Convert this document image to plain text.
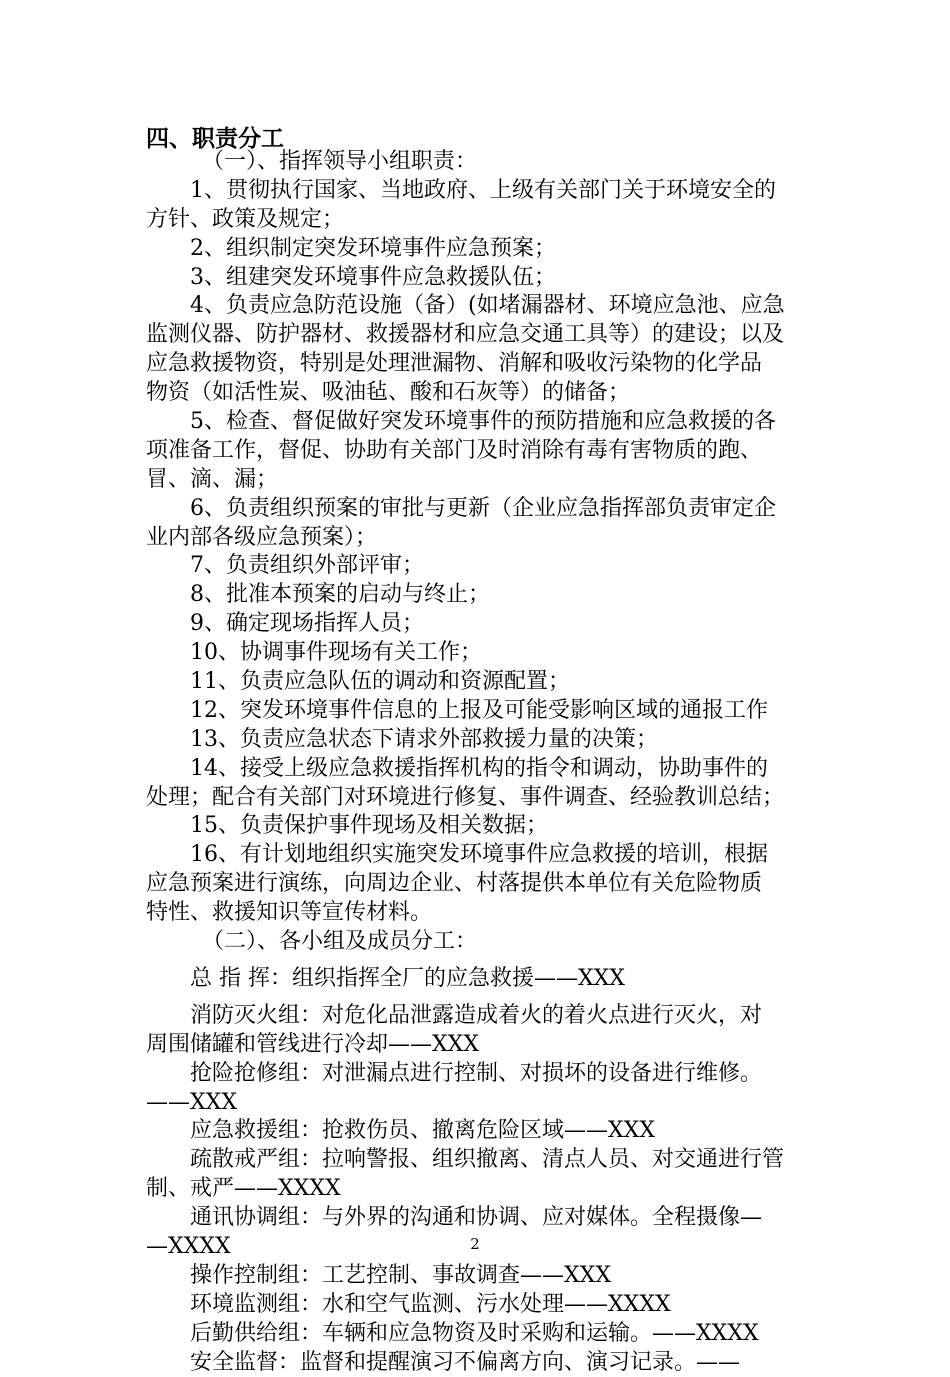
四、职责分工
（一）、指挥领导小组职责：
1、贯彻执行国家、当地政府、上级有关部门关于环境安全的
方针、政策及规定；
2、组织制定突发环境事件应急预案；
3、组建突发环境事件应急救援队伍；
4、负责应急防范设施（备）(如堵漏器材、环境应急池、应急
监测仪器、防护器材、救援器材和应急交通工具等）的建设；以及
应急救援物资，特别是处理泄漏物、消解和吸收污染物的化学品
物资（如活性炭、吸油毡、酸和石灰等）的储备；
5、检查、督促做好突发环境事件的预防措施和应急救援的各
项准备工作，督促、协助有关部门及时消除有毒有害物质的跑、
冒、滴、漏；
6、负责组织预案的审批与更新（企业应急指挥部负责审定企
业内部各级应急预案）；
7、负责组织外部评审；
8、批准本预案的启动与终止；
9、确定现场指挥人员；
10、协调事件现场有关工作；
11、负责应急队伍的调动和资源配置；
12、突发环境事件信息的上报及可能受影响区域的通报工作
13、负责应急状态下请求外部救援力量的决策；
14、接受上级应急救援指挥机构的指令和调动，协助事件的
处理；配合有关部门对环境进行修复、事件调查、经验教训总结；
15、负责保护事件现场及相关数据；
16、有计划地组织实施突发环境事件应急救援的培训，根据
应急预案进行演练，向周边企业、村落提供本单位有关危险物质
特性、救援知识等宣传材料。
（二）、各小组及成员分工：
总 指 挥：组织指挥全厂的应急救援——XXX
消防灭火组：对危化品泄露造成着火的着火点进行灭火，对
周围储罐和管线进行冷却——XXX
抢险抢修组：对泄漏点进行控制、对损坏的设备进行维修。
——XXX
应急救援组：抢救伤员、撤离危险区域——XXX
疏散戒严组：拉响警报、组织撤离、清点人员、对交通进行管
制、戒严——XXXX
通讯协调组：与外界的沟通和协调、应对媒体。全程摄像—
—XXXX
操作控制组：工艺控制、事故调查——XXX
环境监测组：水和空气监测、污水处理——XXXX
后勤供给组：车辆和应急物资及时采购和运输。——XXXX
安全监督：监督和提醒演习不偏离方向、演习记录。——
2
